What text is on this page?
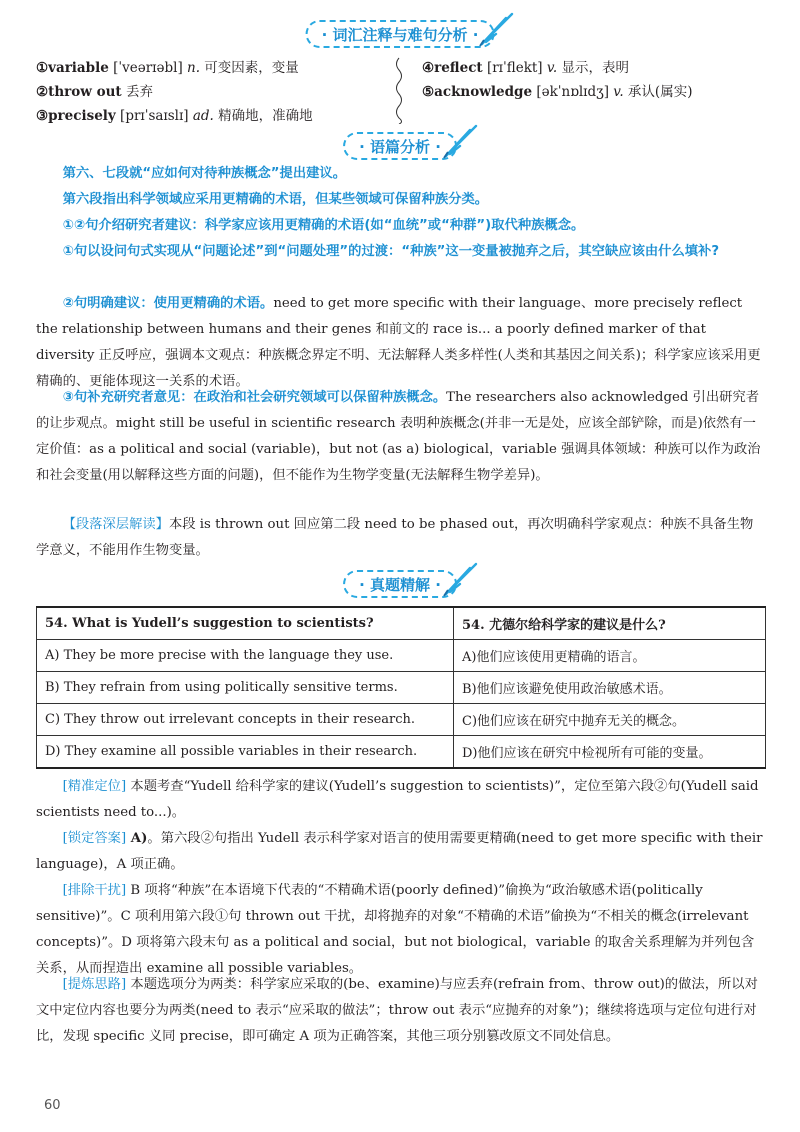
· 词汇注释与难句分析 ·
①variable [ˈveərɪəbl] n. 可变因素，变量
②throw out 丢弃
③precisely [prɪˈsaɪslɪ] ad. 精确地，准确地
④reflect [rɪˈflekt] v. 显示，表明
⑤acknowledge [əkˈnɒlɪdʒ] v. 承认(属实)
· 语篇分析 ·
第六、七段就“应如何对待种族概念”提出建议。
第六段指出科学领域应采用更精确的术语，但某些领域可保留种族分类。
①②句介绍研究者建议：科学家应该用更精确的术语(如“血统”或“种群”)取代种族概念。
①句以设问句式实现从“问题论述”到“问题处理”的过渡：“种族”这一变量被抛弃之后，其空缺应该由什么填补?
②句明确建议：使用更精确的术语。need to get more specific with their language、more precisely reflect the relationship between humans and their genes 和前文的 race is... a poorly defined marker of that diversity 正反呼应，强调本文观点：种族概念界定不明、无法解释人类多样性(人类和其基因之间关系)；科学家应该采用更精确的、更能体现这一关系的术语。
③句补充研究者意见：在政治和社会研究领域可以保留种族概念。The researchers also acknowledged 引出研究者的让步观点。might still be useful in scientific research 表明种族概念(并非一无是处，应该全部铲除，而是)依然有一定价值：as a political and social (variable)，but not (as a) biological，variable 强调具体领域：种族可以作为政治和社会变量(用以解释这些方面的问题)，但不能作为生物学变量(无法解释生物学差异)。
【段落深层解读】本段 is thrown out 回应第二段 need to be phased out，再次明确科学家观点：种族不具备生物学意义，不能用作生物变量。
· 真题精解 ·
54. What is Yudell’s suggestion to scientists?	54. 尤德尔给科学家的建议是什么?
A) They be more precise with the language they use.	A)他们应该使用更精确的语言。
B) They refrain from using politically sensitive terms.	B)他们应该避免使用政治敏感术语。
C) They throw out irrelevant concepts in their research.	C)他们应该在研究中抛弃无关的概念。
D) They examine all possible variables in their research.	D)他们应该在研究中检视所有可能的变量。
[精准定位] 本题考查“Yudell 给科学家的建议(Yudell’s suggestion to scientists)”，定位至第六段②句(Yudell said scientists need to...)。
[锁定答案] A)。第六段②句指出 Yudell 表示科学家对语言的使用需要更精确(need to get more specific with their language)，A 项正确。
[排除干扰] B 项将“种族”在本语境下代表的“不精确术语(poorly defined)”偷换为“政治敏感术语(politically sensitive)”。C 项利用第六段①句 thrown out 干扰，却将抛弃的对象“不精确的术语”偷换为“不相关的概念(irrelevant concepts)”。D 项将第六段末句 as a political and social，but not biological，variable 的取舍关系理解为并列包含关系，从而捏造出 examine all possible variables。
[提炼思路] 本题选项分为两类：科学家应采取的(be、examine)与应丢弃(refrain from、throw out)的做法，所以对文中定位内容也要分为两类(need to 表示“应采取的做法”；throw out 表示“应抛弃的对象”)；继续将选项与定位句进行对比，发现 specific 义同 precise，即可确定 A 项为正确答案，其他三项分别篡改原文不同处信息。
60
